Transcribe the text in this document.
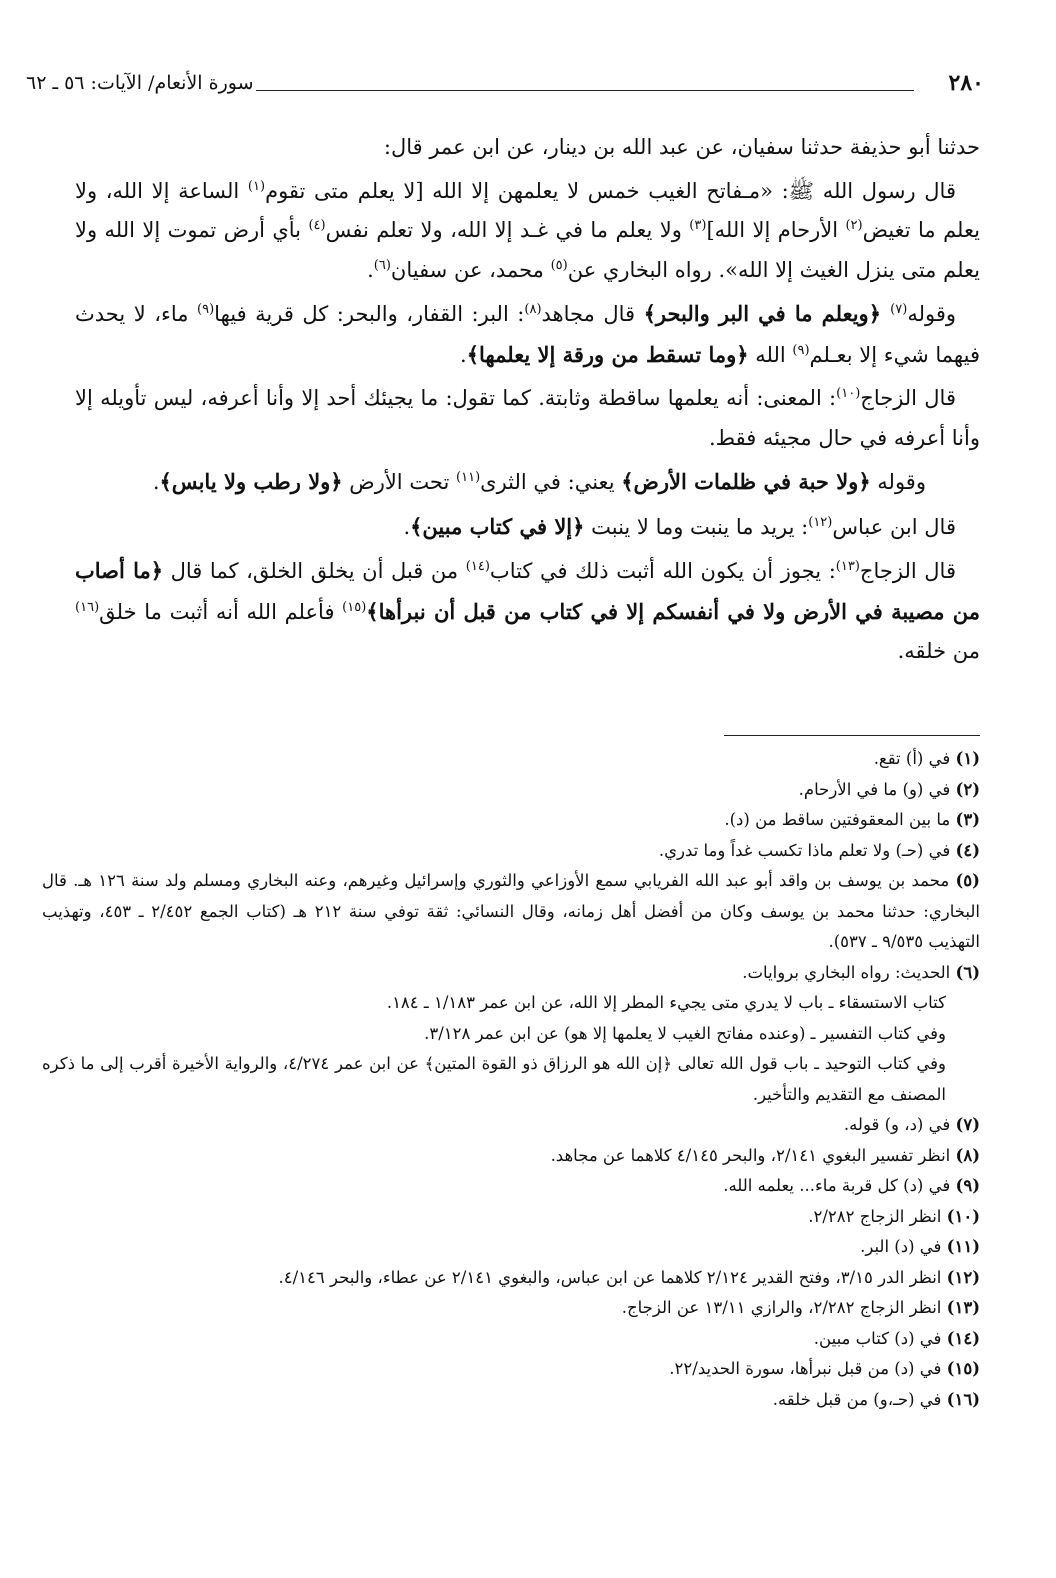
٢٨٠
سورة الأنعام/ الآيات: ٥٦ ـ ٦٢

حدثنا أبو حذيفة حدثنا سفيان، عن عبد الله بن دينار، عن ابن عمر قال:

قال رسول الله ﷺ: «مـفاتح الغيب خمس لا يعلمهن إلا الله [لا يعلم متى تقوم$^{(١)}$ الساعة إلا الله، ولا يعلم ما تغيض$^{(٢)}$ الأرحام إلا الله]$^{(٣)}$ ولا يعلم ما في غـد إلا الله، ولا تعلم نفس$^{(٤)}$ بأي أرض تموت إلا الله ولا يعلم متى ينزل الغيث إلا الله». رواه البخاري عن$^{(٥)}$ محمد، عن سفيان$^{(٦)}$.

وقوله$^{(٧)}$ ﴿ويعلم ما في البر والبحر﴾ قال مجاهد$^{(٨)}$: البر: القفار، والبحر: كل قرية فيها$^{(٩)}$ ماء، لا يحدث فيهما شيء إلا بعـلم$^{(٩)}$ الله ﴿وما تسقط من ورقة إلا يعلمها﴾.

قال الزجاج$^{(١٠)}$: المعنى: أنه يعلمها ساقطة وثابتة. كما تقول: ما يجيئك أحد إلا وأنا أعرفه، ليس تأويله إلا وأنا أعرفه في حال مجيئه فقط.

وقوله ﴿ولا حبة في ظلمات الأرض﴾ يعني: في الثرى$^{(١١)}$ تحت الأرض ﴿ولا رطب ولا يابس﴾.

قال ابن عباس$^{(١٢)}$: يريد ما ينبت وما لا ينبت ﴿إلا في كتاب مبين﴾.

قال الزجاج$^{(١٣)}$: يجوز أن يكون الله أثبت ذلك في كتاب$^{(١٤)}$ من قبل أن يخلق الخلق، كما قال ﴿ما أصاب من مصيبة في الأرض ولا في أنفسكم إلا في كتاب من قبل أن نبرأها﴾$^{(١٥)}$ فأعلم الله أنه أثبت ما خلق$^{(١٦)}$ من خلقه.

(١) في (أ) تقع.

(٢) في (و) ما في الأرحام.

(٣) ما بين المعقوفتين ساقط من (د).

(٤) في (حـ) ولا تعلم ماذا تكسب غداً وما تدري.

(٥) محمد بن يوسف بن واقد أبو عبد الله الفريابي سمع الأوزاعي والثوري وإسرائيل وغيرهم، وعنه البخاري ومسلم ولد سنة ١٢٦ هـ. قال البخاري: حدثنا محمد بن يوسف وكان من أفضل أهل زمانه، وقال النسائي: ثقة توفي سنة ٢١٢ هـ (كتاب الجمع ٢/٤٥٢ ـ ٤٥٣، وتهذيب التهذيب ٩/٥٣٥ ـ ٥٣٧).

(٦) الحديث: رواه البخاري بروايات.

كتاب الاستسقاء ـ باب لا يدري متى يجيء المطر إلا الله، عن ابن عمر ١/١٨٣ ـ ١٨٤.

وفي كتاب التفسير ـ (وعنده مفاتح الغيب لا يعلمها إلا هو) عن ابن عمر ٣/١٢٨.

وفي كتاب التوحيد ـ باب قول الله تعالى ﴿إن الله هو الرزاق ذو القوة المتين﴾ عن ابن عمر ٤/٢٧٤، والرواية الأخيرة أقرب إلى ما ذكره المصنف مع التقديم والتأخير.

(٧) في (د، و) قوله.

(٨) انظر تفسير البغوي ٢/١٤١، والبحر ٤/١٤٥ كلاهما عن مجاهد.

(٩) في (د) كل قربة ماء... يعلمه الله.

(١٠) انظر الزجاج ٢/٢٨٢.

(١١) في (د) البر.

(١٢) انظر الدر ٣/١٥، وفتح القدير ٢/١٢٤ كلاهما عن ابن عباس، والبغوي ٢/١٤١ عن عطاء، والبحر ٤/١٤٦.

(١٣) انظر الزجاج ٢/٢٨٢، والرازي ١٣/١١ عن الزجاج.

(١٤) في (د) كتاب مبين.

(١٥) في (د) من قبل نبرأها، سورة الحديد/٢٢.

(١٦) في (حـ،و) من قبل خلقه.
